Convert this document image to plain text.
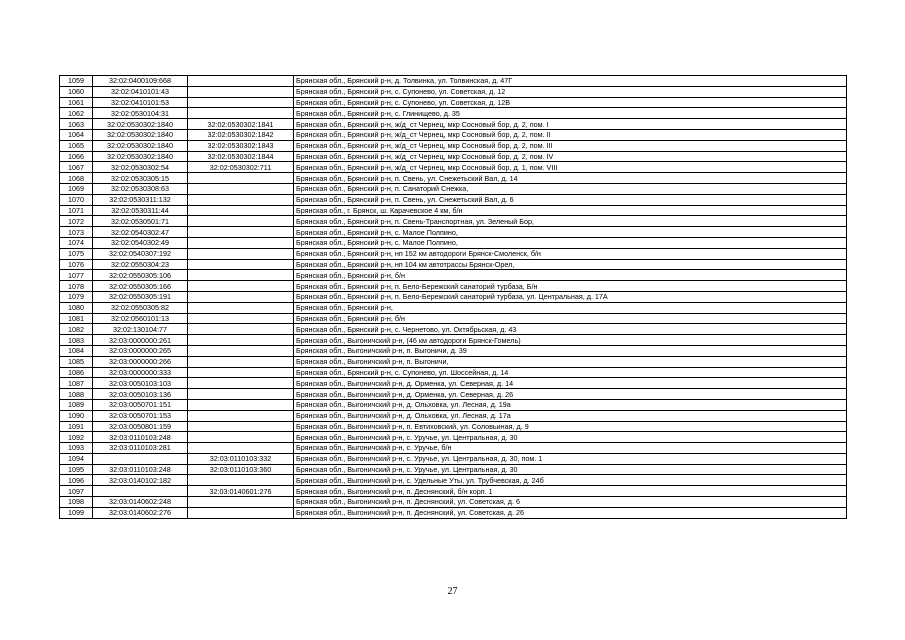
1059	32:02:0400109:668		Брянская обл., Брянский р-н, д. Толвинка, ул. Толвинская, д. 47Г
1060	32:02:0410101:43		Брянская обл., Брянский р-н, с. Супонево, ул. Советская, д. 12
1061	32:02:0410101:53		Брянская обл., Брянский р-н, с. Супонево, ул. Советская, д. 12В
1062	32:02:0530104:31		Брянская обл., Брянский р-н, с. Глинищево, д. 35
1063	32:02:0530302:1840	32:02:0530302:1841	Брянская обл., Брянский р-н, ж/д_ст Чернец, мкр Сосновый бор, д. 2, пом. I
1064	32:02:0530302:1840	32:02:0530302:1842	Брянская обл., Брянский р-н, ж/д_ст Чернец, мкр Сосновый бор, д. 2, пом. II
1065	32:02:0530302:1840	32:02:0530302:1843	Брянская обл., Брянский р-н, ж/д_ст Чернец, мкр Сосновый бор, д. 2, пом. III
1066	32:02:0530302:1840	32:02:0530302:1844	Брянская обл., Брянский р-н, ж/д_ст Чернец, мкр Сосновый бор, д. 2, пом. IV
1067	32:02:0530302:54	32:02:0530302:711	Брянская обл., Брянский р-н, ж/д_ст Чернец, мкр Сосновый бор, д. 1, пом. VIII
1068	32:02:0530305:15		Брянская обл., Брянский р-н, п. Свень, ул. Снежетьский Вал, д. 14
1069	32:02:0530308:63		Брянская обл., Брянский р-н, п. Санаторий Снежка,
1070	32:02:0530311:132		Брянская обл., Брянский р-н, п. Свень, ул. Снежетьский Вал, д. 6
1071	32:02:0530311:44		Брянская обл., г. Брянск, ш. Карачевское 4 км, б/н
1072	32:02:0530501:71		Брянская обл., Брянский р-н, п. Свень-Транспортная, ул. Зеленый Бор,
1073	32:02:0540302:47		Брянская обл., Брянский р-н, с. Малое Полпино,
1074	32:02:0540302:49		Брянская обл., Брянский р-н, с. Малое Полпино,
1075	32:02:0540307:192		Брянская обл., Брянский р-н, нп 152 км автодороги Брянск-Смоленск, б/н
1076	32:02:0550304:23		Брянская обл., Брянский р-н, нп 104 км автотрассы Брянск-Орел,
1077	32:02:0550305:106		Брянская обл., Брянский р-н, б/н
1078	32:02:0550305:166		Брянская обл., Брянский р-н, п. Бело-Бережский санаторий турбаза, Б/н
1079	32:02:0550305:191		Брянская обл., Брянский р-н, п. Бело-Бережский санаторий турбаза, ул. Центральная, д. 17А
1080	32:02:0550305:82		Брянская обл., Брянский р-н,
1081	32:02:0560101:13		Брянская обл., Брянский р-н, б/н
1082	32:02:130104:77		Брянская обл., Брянский р-н, с. Чернетово, ул. Октябрьская, д. 43
1083	32:03:0000000:261		Брянская обл., Выгоничский р-н, (46 км автодороги Брянск-Гомель)
1084	32:03:0000000:265		Брянская обл., Выгоничский р-н, п. Выгоничи, д. 39
1085	32:03:0000000:266		Брянская обл., Выгоничский р-н, п. Выгоничи,
1086	32:03:0000000:333		Брянская обл., Брянский р-н, с. Супонево, ул. Шоссейная, д. 14
1087	32:03:0050103:103		Брянская обл., Выгоничский р-н, д. Орменка, ул. Северная, д. 14
1088	32:03:0050103:136		Брянская обл., Выгоничский р-н, д. Орменка, ул. Северная, д. 26
1089	32:03:0050701:151		Брянская обл., Выгоничский р-н, д. Ольховка, ул. Лесная, д. 19а
1090	32:03:0050701:153		Брянская обл., Выгоничский р-н, д. Ольховка, ул. Лесная, д. 17а
1091	32:03:0050801:159		Брянская обл., Выгоничский р-н, п. Евтиховский, ул. Соловьиная, д. 9
1092	32:03:0110103:248		Брянская обл., Выгоничский р-н, с. Уручье, ул. Центральная, д. 30
1093	32:03:0110103:281		Брянская обл., Выгоничский р-н, с. Уручье, б/н
1094		32:03:0110103:332	Брянская обл., Выгоничский р-н, с. Уручье, ул. Центральная, д. 30, пом. 1
1095	32:03:0110103:248	32:03:0110103:360	Брянская обл., Выгоничский р-н, с. Уручье, ул. Центральная, д. 30
1096	32:03:0140102:182		Брянская обл., Выгоничский р-н, с. Удельные Уты, ул. Трубчевская, д. 24б
1097		32:03:0140601:276	Брянская обл., Выгоничский р-н, п. Деснянский, б/н корп. 1
1098	32:03:0140602:248		Брянская обл., Выгоничский р-н, п. Деснянский, ул. Советская, д. 6
1099	32:03:0140602:276		Брянская обл., Выгоничский р-н, п. Деснянский, ул. Советская, д. 26
27
